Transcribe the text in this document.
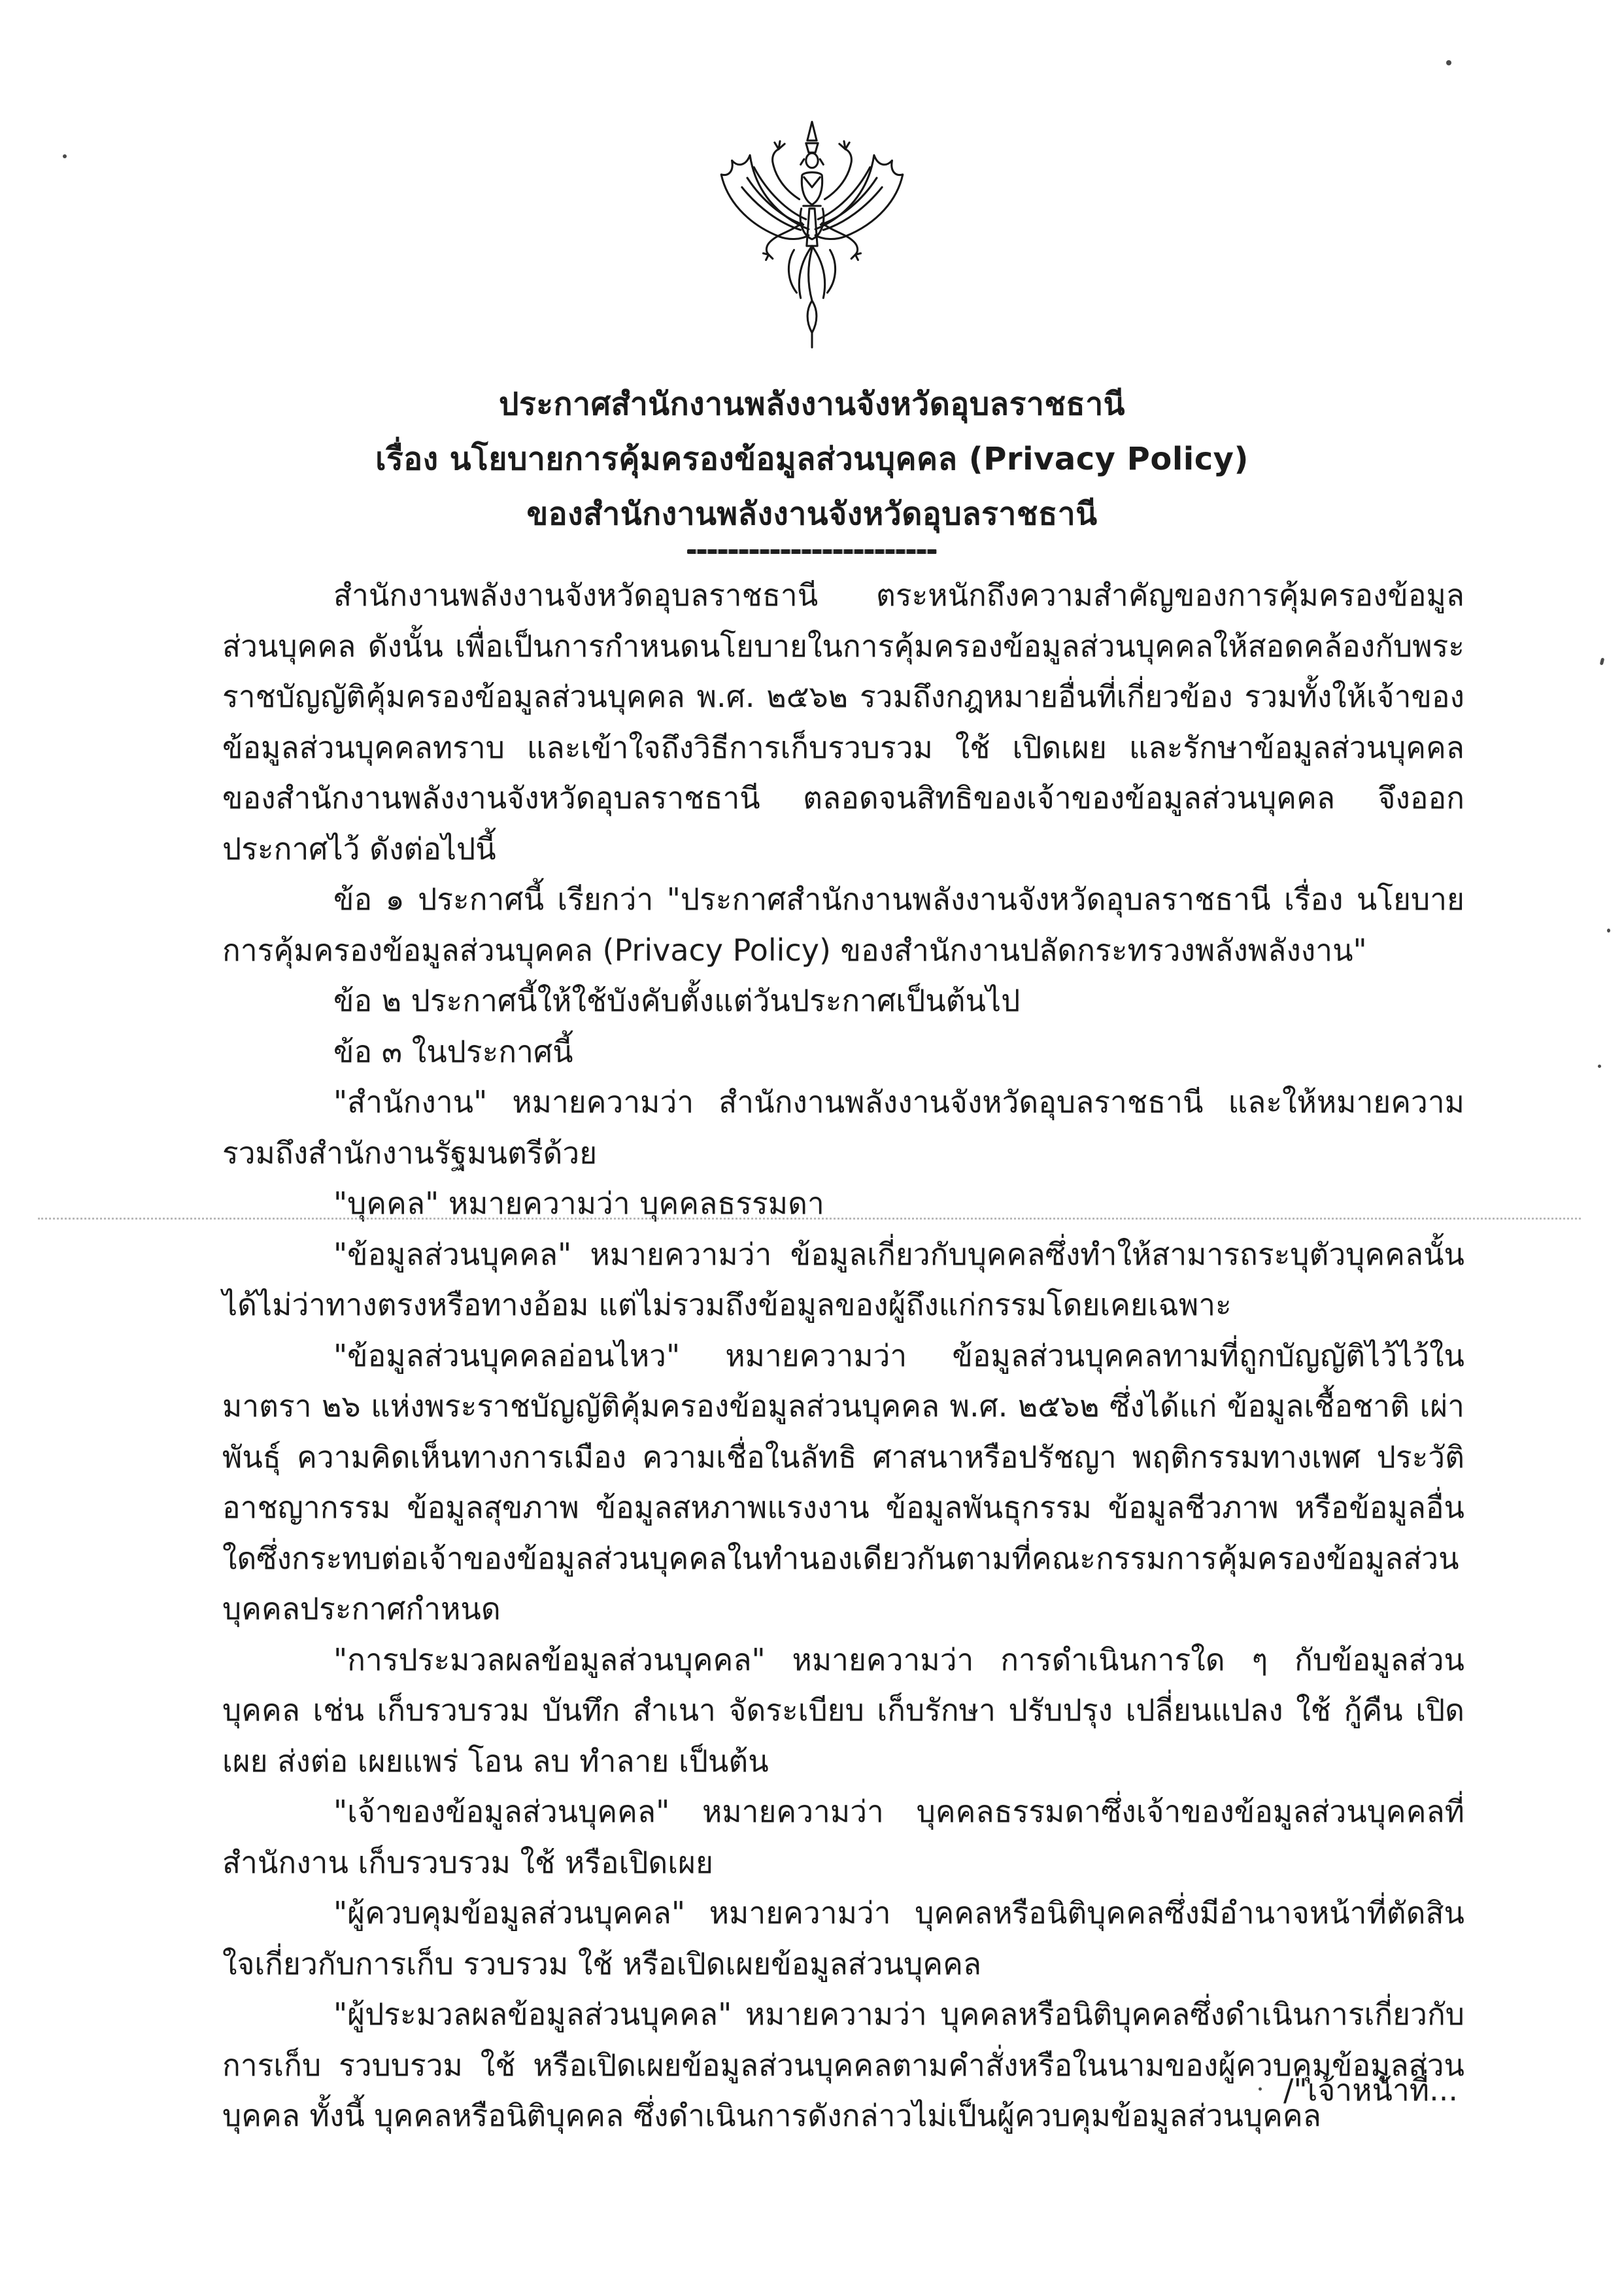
ประกาศสำนักงานพลังงานจังหวัดอุบลราชธานี

เรื่อง นโยบายการคุ้มครองข้อมูลส่วนบุคคล (Privacy Policy)

ของสำนักงานพลังงานจังหวัดอุบลราชธานี

สำนักงานพลังงานจังหวัดอุบลราชธานี ตระหนักถึงความสำคัญของการคุ้มครองข้อมูลส่วนบุคคล ดังนั้น เพื่อเป็นการกำหนดนโยบายในการคุ้มครองข้อมูลส่วนบุคคลให้สอดคล้องกับพระราชบัญญัติคุ้มครองข้อมูลส่วนบุคคล พ.ศ. ๒๕๖๒ รวมถึงกฎหมายอื่นที่เกี่ยวข้อง รวมทั้งให้เจ้าของข้อมูลส่วนบุคคลทราบ และเข้าใจถึงวิธีการเก็บรวบรวม ใช้ เปิดเผย และรักษาข้อมูลส่วนบุคคลของสำนักงานพลังงานจังหวัดอุบลราชธานี ตลอดจนสิทธิของเจ้าของข้อมูลส่วนบุคคล จึงออกประกาศไว้ ดังต่อไปนี้

ข้อ ๑ ประกาศนี้ เรียกว่า "ประกาศสำนักงานพลังงานจังหวัดอุบลราชธานี เรื่อง นโยบายการคุ้มครองข้อมูลส่วนบุคคล (Privacy Policy) ของสำนักงานปลัดกระทรวงพลังพลังงาน"

ข้อ ๒ ประกาศนี้ให้ใช้บังคับตั้งแต่วันประกาศเป็นต้นไป

ข้อ ๓ ในประกาศนี้

"สำนักงาน" หมายความว่า สำนักงานพลังงานจังหวัดอุบลราชธานี และให้หมายความรวมถึงสำนักงานรัฐมนตรีด้วย

"บุคคล" หมายความว่า บุคคลธรรมดา

"ข้อมูลส่วนบุคคล" หมายความว่า ข้อมูลเกี่ยวกับบุคคลซึ่งทำให้สามารถระบุตัวบุคคลนั้นได้ไม่ว่าทางตรงหรือทางอ้อม แต่ไม่รวมถึงข้อมูลของผู้ถึงแก่กรรมโดยเคยเฉพาะ

"ข้อมูลส่วนบุคคลอ่อนไหว" หมายความว่า ข้อมูลส่วนบุคคลทามที่ถูกบัญญัติไว้ไว้ในมาตรา ๒๖ แห่งพระราชบัญญัติคุ้มครองข้อมูลส่วนบุคคล พ.ศ. ๒๕๖๒ ซึ่งได้แก่ ข้อมูลเชื้อชาติ เผ่าพันธุ์ ความคิดเห็นทางการเมือง ความเชื่อในลัทธิ ศาสนาหรือปรัชญา พฤติกรรมทางเพศ ประวัติอาชญากรรม ข้อมูลสุขภาพ ข้อมูลสหภาพแรงงาน ข้อมูลพันธุกรรม ข้อมูลชีวภาพ หรือข้อมูลอื่นใดซึ่งกระทบต่อเจ้าของข้อมูลส่วนบุคคลในทำนองเดียวกันตามที่คณะกรรมการคุ้มครองข้อมูลส่วนบุคคลประกาศกำหนด

"การประมวลผลข้อมูลส่วนบุคคล" หมายความว่า การดำเนินการใด ๆ กับข้อมูลส่วนบุคคล เช่น เก็บรวบรวม บันทึก สำเนา จัดระเบียบ เก็บรักษา ปรับปรุง เปลี่ยนแปลง ใช้ กู้คืน เปิดเผย ส่งต่อ เผยแพร่ โอน ลบ ทำลาย เป็นต้น

"เจ้าของข้อมูลส่วนบุคคล" หมายความว่า บุคคลธรรมดาซึ่งเจ้าของข้อมูลส่วนบุคคลที่สำนักงาน เก็บรวบรวม ใช้ หรือเปิดเผย

"ผู้ควบคุมข้อมูลส่วนบุคคล" หมายความว่า บุคคลหรือนิติบุคคลซึ่งมีอำนาจหน้าที่ตัดสินใจเกี่ยวกับการเก็บ รวบรวม ใช้ หรือเปิดเผยข้อมูลส่วนบุคคล

"ผู้ประมวลผลข้อมูลส่วนบุคคล" หมายความว่า บุคคลหรือนิติบุคคลซึ่งดำเนินการเกี่ยวกับการเก็บ รวบบรวม ใช้ หรือเปิดเผยข้อมูลส่วนบุคคลตามคำสั่งหรือในนามของผู้ควบคุมข้อมูลส่วนบุคคล ทั้งนี้ บุคคลหรือนิติบุคคล ซึ่งดำเนินการดังกล่าวไม่เป็นผู้ควบคุมข้อมูลส่วนบุคคล

/"เจ้าหน้าที่...
